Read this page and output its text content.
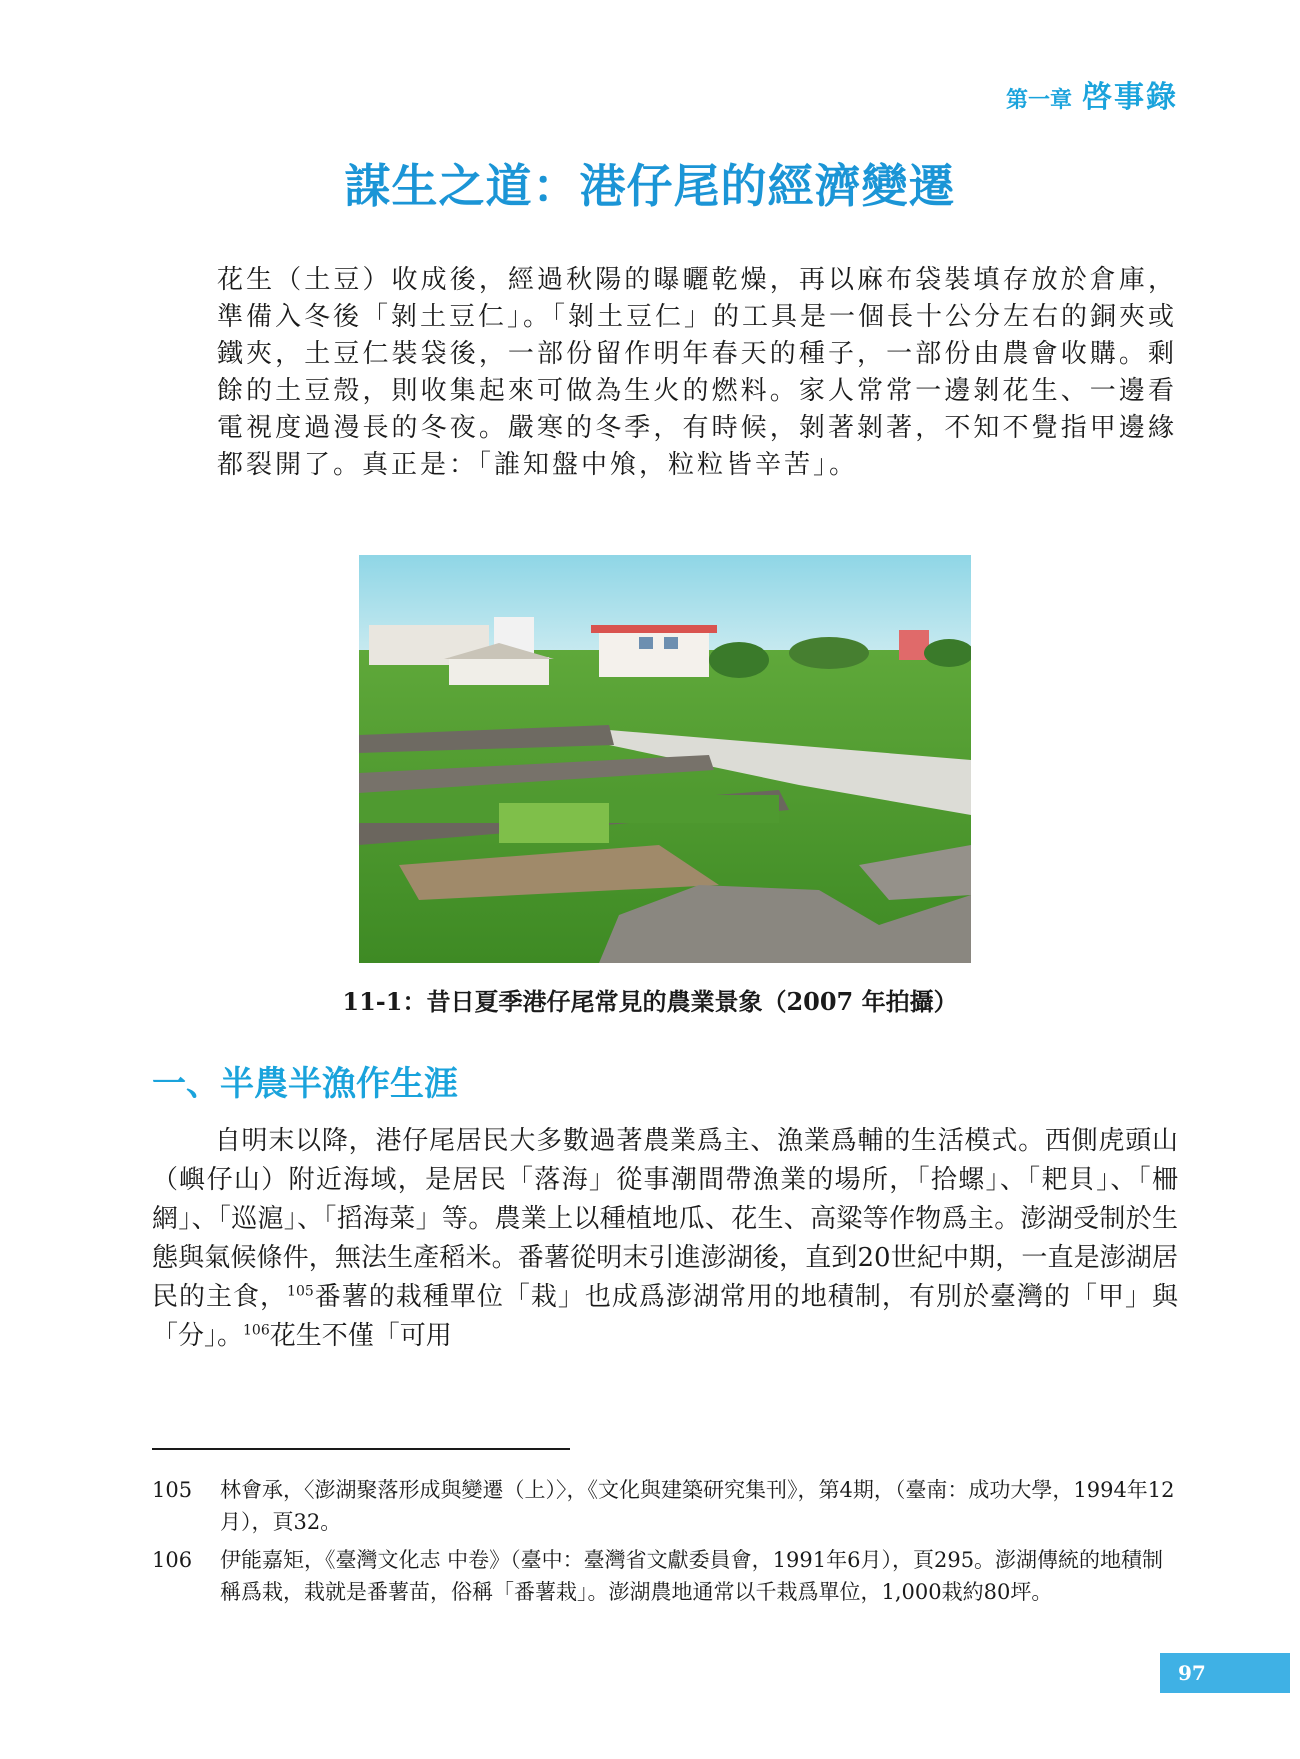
第一章 啓事錄
謀生之道：港仔尾的經濟變遷

花生（土豆）收成後，經過秋陽的曝曬乾燥，再以麻布袋裝填存放於倉庫，準備入冬後「剝土豆仁」。「剝土豆仁」的工具是一個長十公分左右的銅夾或鐵夾，土豆仁裝袋後，一部份留作明年春天的種子，一部份由農會收購。剩餘的土豆殼，則收集起來可做為生火的燃料。家人常常一邊剝花生、一邊看電視度過漫長的冬夜。嚴寒的冬季，有時候，剝著剝著，不知不覺指甲邊緣都裂開了。真正是：「誰知盤中飧，粒粒皆辛苦」。

11-1：昔日夏季港仔尾常見的農業景象（2007 年拍攝）

一、半農半漁作生涯

自明末以降，港仔尾居民大多數過著農業爲主、漁業爲輔的生活模式。西側虎頭山（嶼仔山）附近海域，是居民「落海」從事潮間帶漁業的場所，「拾螺」、「耙貝」、「柵網」、「巡滬」、「搯海菜」等。農業上以種植地瓜、花生、高粱等作物爲主。澎湖受制於生態與氣候條件，無法生產稻米。番薯從明末引進澎湖後，直到20世紀中期，一直是澎湖居民的主食，$^{105}$番薯的栽種單位「栽」也成爲澎湖常用的地積制，有別於臺灣的「甲」與「分」。$^{106}$花生不僅「可用

105	林會承，〈澎湖聚落形成與變遷（上）〉，《文化與建築研究集刊》，第4期，（臺南：成功大學，1994年12月），頁32。
106	伊能嘉矩，《臺灣文化志 中卷》（臺中：臺灣省文獻委員會，1991年6月），頁295。澎湖傳統的地積制稱爲栽，栽就是番薯苗，俗稱「番薯栽」。澎湖農地通常以千栽爲單位，1,000栽約80坪。
97
